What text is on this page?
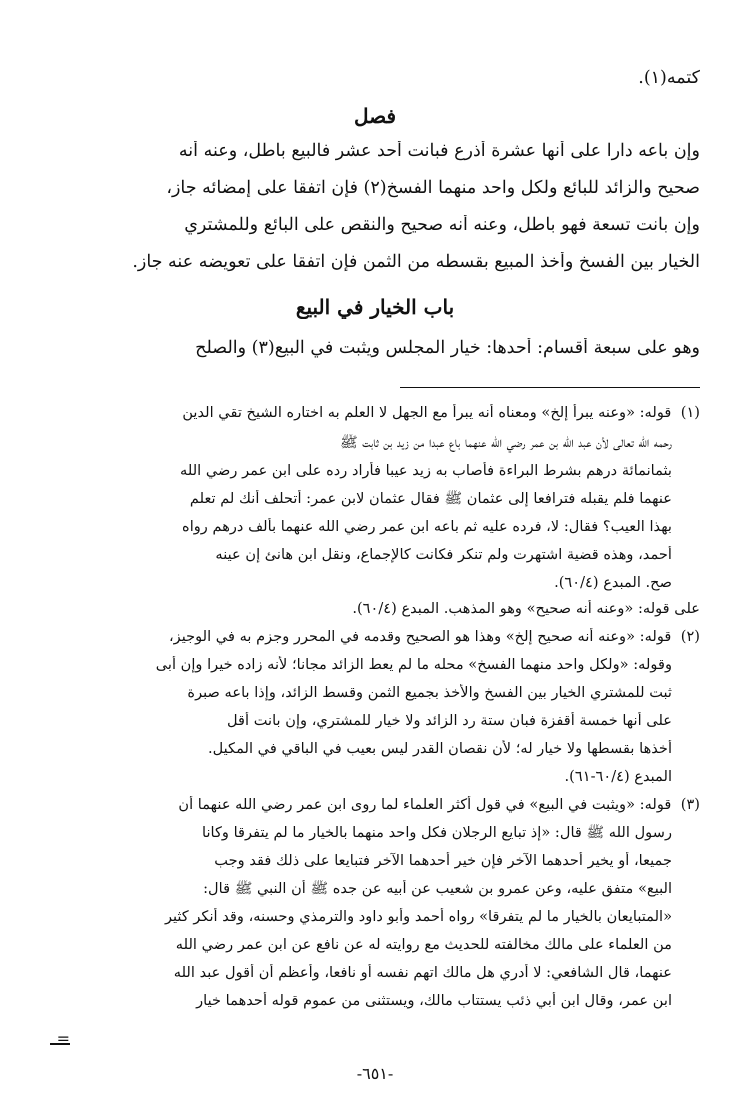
كتمه(١).
فصل
وإن باعه دارا على أنها عشرة أذرع فبانت أحد عشر فالبيع باطل، وعنه أنه
صحيح والزائد للبائع ولكل واحد منهما الفسخ(٢) فإن اتفقا على إمضائه جاز،
وإن بانت تسعة فهو باطل، وعنه أنه صحيح والنقص على البائع وللمشتري
الخيار بين الفسخ وأخذ المبيع بقسطه من الثمن فإن اتفقا على تعويضه عنه جاز.
باب الخيار في البيع
وهو على سبعة أقسام: أحدها: خيار المجلس ويثبت في البيع(٣) والصلح
(١) قوله: «وعنه يبرأ إلخ» ومعناه أنه يبرأ مع الجهل لا العلم به اختاره الشيخ تقي الدين
رحمه الله تعالى لأن عبد الله بن عمر رضي الله عنهما باع عبدا من زيد بن ثابت ﷺ
بثمانمائة درهم بشرط البراءة فأصاب به زيد عيبا فأراد رده على ابن عمر رضي الله
عنهما فلم يقبله فترافعا إلى عثمان ﷺ فقال عثمان لابن عمر: أتحلف أنك لم تعلم
بهذا العيب؟ فقال: لا، فرده عليه ثم باعه ابن عمر رضي الله عنهما بألف درهم رواه
أحمد، وهذه قضية اشتهرت ولم تنكر فكانت كالإجماع، ونقل ابن هانئ إن عينه
صح. المبدع (٦٠/٤).
على قوله: «وعنه أنه صحيح» وهو المذهب. المبدع (٦٠/٤).
(٢) قوله: «وعنه أنه صحيح إلخ» وهذا هو الصحيح وقدمه في المحرر وجزم به في الوجيز،
وقوله: «ولكل واحد منهما الفسخ» محله ما لم يعط الزائد مجانا؛ لأنه زاده خيرا وإن أبى
ثبت للمشتري الخيار بين الفسخ والأخذ بجميع الثمن وقسط الزائد، وإذا باعه صبرة
على أنها خمسة أقفزة فبان ستة رد الزائد ولا خيار للمشتري، وإن بانت أقل
أخذها بقسطها ولا خيار له؛ لأن نقصان القدر ليس بعيب في الباقي في المكيل.
المبدع (٦٠/٤-٦١).
(٣) قوله: «ويثبت في البيع» في قول أكثر العلماء لما روى ابن عمر رضي الله عنهما أن
رسول الله ﷺ قال: «إذ تبايع الرجلان فكل واحد منهما بالخيار ما لم يتفرقا وكانا
جميعا، أو يخير أحدهما الآخر فإن خير أحدهما الآخر فتبايعا على ذلك فقد وجب
البيع» متفق عليه، وعن عمرو بن شعيب عن أبيه عن جده ﷺ أن النبي ﷺ قال:
«المتبايعان بالخيار ما لم يتفرقا» رواه أحمد وأبو داود والترمذي وحسنه، وقد أنكر كثير
من العلماء على مالك مخالفته للحديث مع روايته له عن نافع عن ابن عمر رضي الله
عنهما، قال الشافعي: لا أدري هل مالك اتهم نفسه أو نافعا، وأعظم أن أقول عبد الله
ابن عمر، وقال ابن أبي ذئب يستتاب مالك، ويستثنى من عموم قوله أحدهما خيار
=
-٦٥١-
